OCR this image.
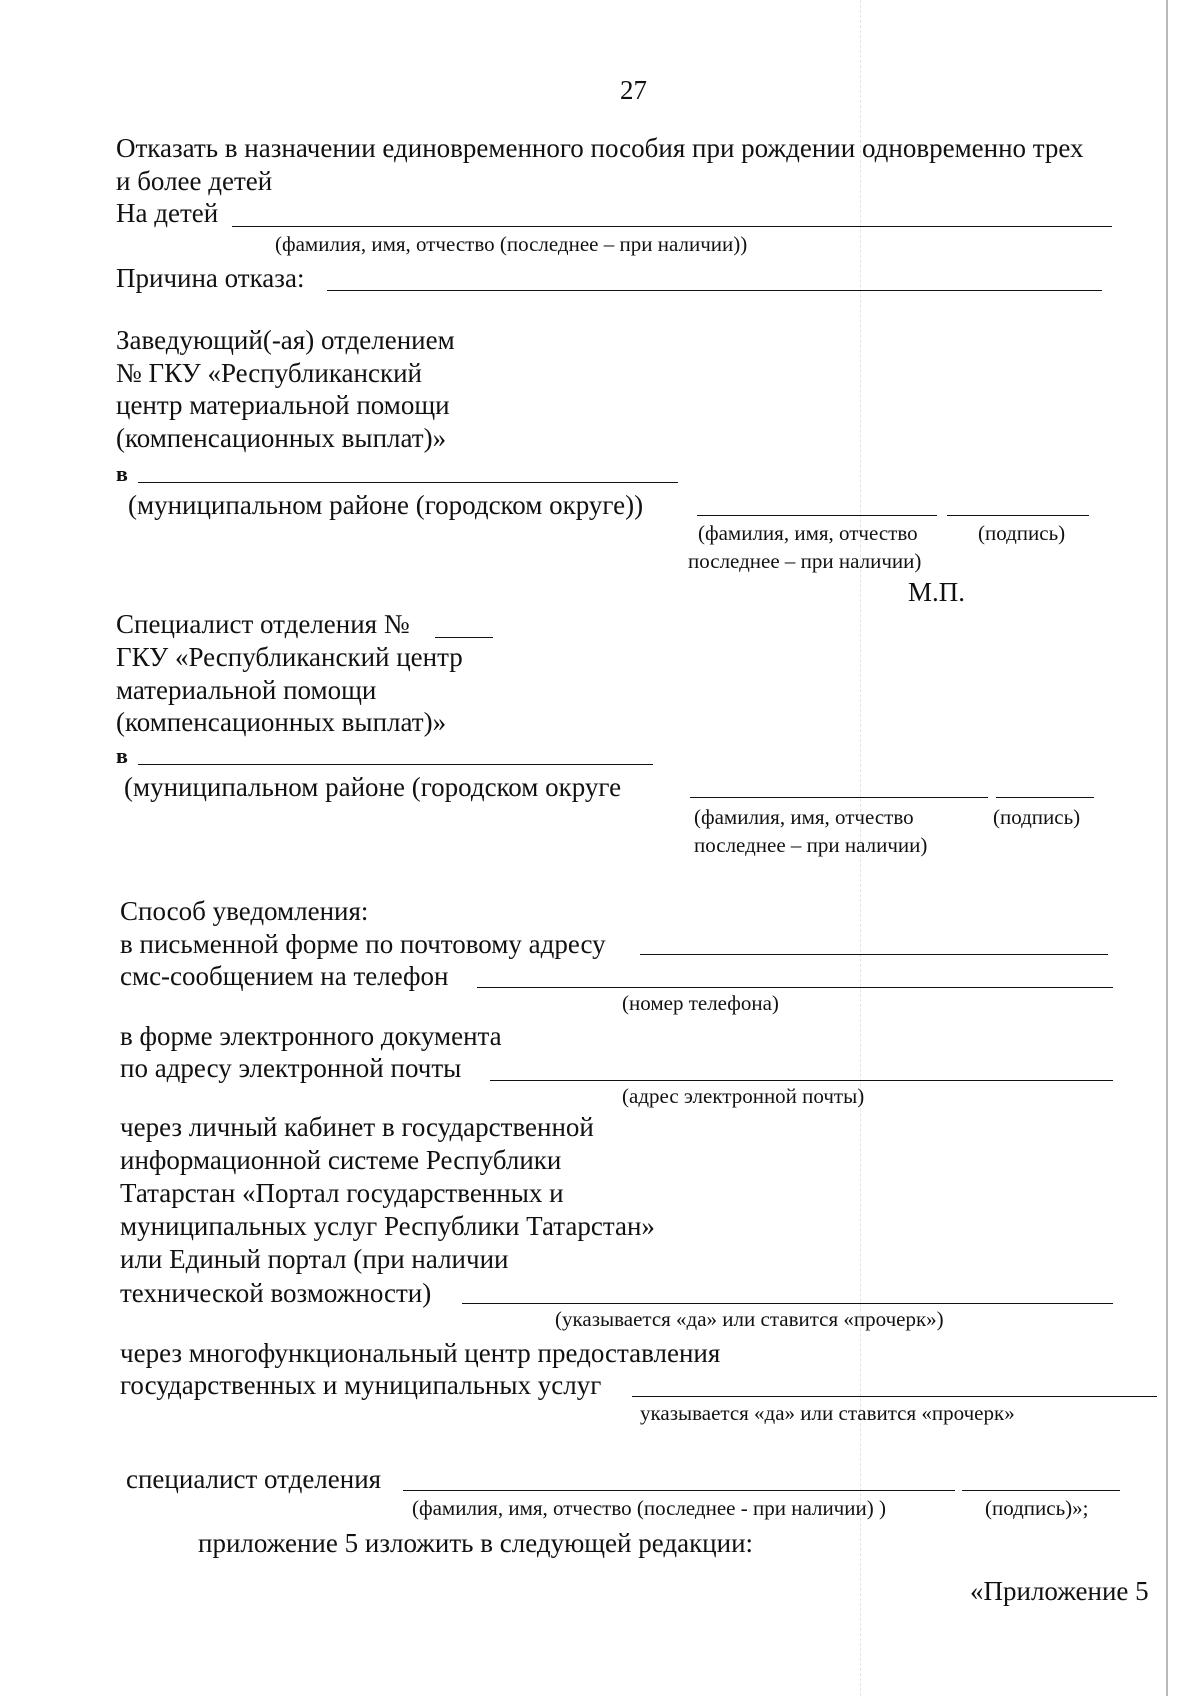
27
Отказать в назначении единовременного пособия при рождении одновременно трех
и более детей
На детей
(фамилия, имя, отчество (последнее – при наличии))
Причина отказа:
Заведующий(-ая) отделением
№ ГКУ «Республиканский
центр материальной помощи
(компенсационных выплат)»
в
(муниципальном районе (городском округе))
(фамилия, имя, отчество	(подпись)
последнее – при наличии)
М.П.
Специалист отделения №
ГКУ «Республиканский центр
материальной помощи
(компенсационных выплат)»
в
(муниципальном районе (городском округе
(фамилия, имя, отчество	(подпись)
последнее – при наличии)
Способ уведомления:
в письменной форме по почтовому адресу
смс-сообщением на телефон
(номер телефона)
в форме электронного документа
по адресу электронной почты
(адрес электронной почты)
через личный кабинет в государственной
информационной системе Республики
Татарстан «Портал государственных и
муниципальных услуг Республики Татарстан»
или Единый портал (при наличии
технической возможности)
(указывается «да» или ставится «прочерк»)
через многофункциональный центр предоставления
государственных и муниципальных услуг
указывается «да» или ставится «прочерк»
специалист отделения
(фамилия, имя, отчество (последнее - при наличии) )	(подпись)»;
приложение 5 изложить в следующей редакции:
«Приложение 5
